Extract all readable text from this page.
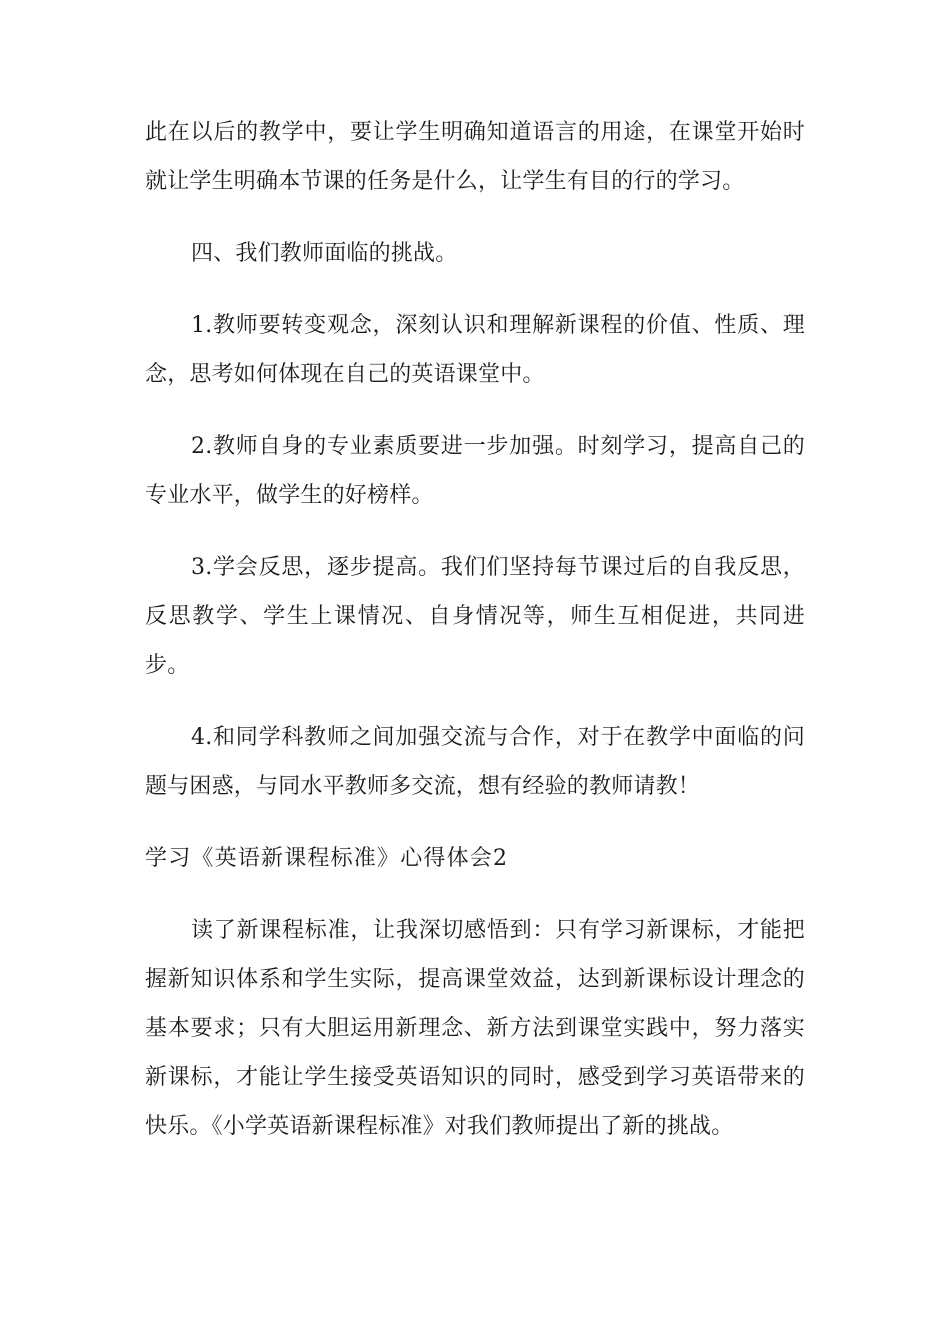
此在以后的教学中，要让学生明确知道语言的用途，在课堂开始时就让学生明确本节课的任务是什么，让学生有目的行的学习。

四、我们教师面临的挑战。

1.教师要转变观念，深刻认识和理解新课程的价值、性质、理念，思考如何体现在自己的英语课堂中。

2.教师自身的专业素质要进一步加强。时刻学习，提高自己的专业水平，做学生的好榜样。

3.学会反思，逐步提高。我们们坚持每节课过后的自我反思，反思教学、学生上课情况、自身情况等，师生互相促进，共同进步。

4.和同学科教师之间加强交流与合作，对于在教学中面临的问题与困惑，与同水平教师多交流，想有经验的教师请教！

学习《英语新课程标准》心得体会2

读了新课程标准，让我深切感悟到：只有学习新课标，才能把握新知识体系和学生实际，提高课堂效益，达到新课标设计理念的基本要求；只有大胆运用新理念、新方法到课堂实践中，努力落实新课标，才能让学生接受英语知识的同时，感受到学习英语带来的快乐。《小学英语新课程标准》对我们教师提出了新的挑战。
